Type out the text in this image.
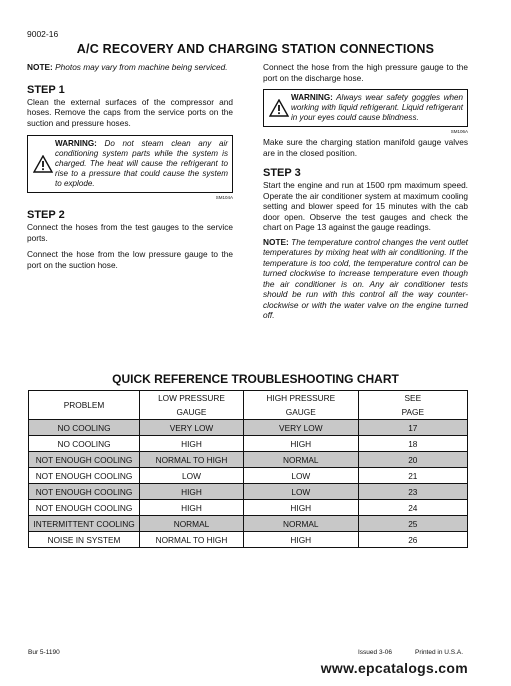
9002-16
A/C RECOVERY AND CHARGING STATION CONNECTIONS

NOTE: Photos may vary from machine being serviced.

STEP 1

Clean the external surfaces of the compressor and hoses. Remove the caps from the service ports on the suction and pressure hoses.

WARNING: Do not steam clean any air conditioning system parts while the system is charged. The heat will cause the refrigerant to rise to a pressure that could cause the system to explode.
SM104A

STEP 2

Connect the hoses from the test gauges to the service ports.

Connect the hose from the low pressure gauge to the port on the suction hose.

Connect the hose from the high pressure gauge to the port on the discharge hose.

WARNING: Always wear safety goggles when working with liquid refrigerant. Liquid refrigerant in your eyes could cause blindness.
SM106A

Make sure the charging station manifold gauge valves are in the closed position.

STEP 3

Start the engine and run at 1500 rpm maximum speed. Operate the air conditioner system at maximum cooling setting and blower speed for 15 minutes with the cab door open. Observe the test gauges and check the chart on Page 13 against the gauge readings.

NOTE: The temperature control changes the vent outlet temperatures by mixing heat with air conditioning. If the temperature is too cold, the temperature control can be turned clockwise to increase temperature even though the air conditioner is on. Any air conditioner tests should be run with this control all the way counter-clockwise or with the water valve on the engine turned off.

QUICK REFERENCE TROUBLESHOOTING CHART
PROBLEM	LOW PRESSURE	HIGH PRESSURE	SEE
	GAUGE	GAUGE	PAGE
NO COOLING	VERY LOW	VERY LOW	17
NO COOLING	HIGH	HIGH	18
NOT ENOUGH COOLING	NORMAL TO HIGH	NORMAL	20
NOT ENOUGH COOLING	LOW	LOW	21
NOT ENOUGH COOLING	HIGH	LOW	23
NOT ENOUGH COOLING	HIGH	HIGH	24
INTERMITTENT COOLING	NORMAL	NORMAL	25
NOISE IN SYSTEM	NORMAL TO HIGH	HIGH	26
Bur 5-1190	Issued 3-06	Printed in U.S.A.
www.epcatalogs.com
